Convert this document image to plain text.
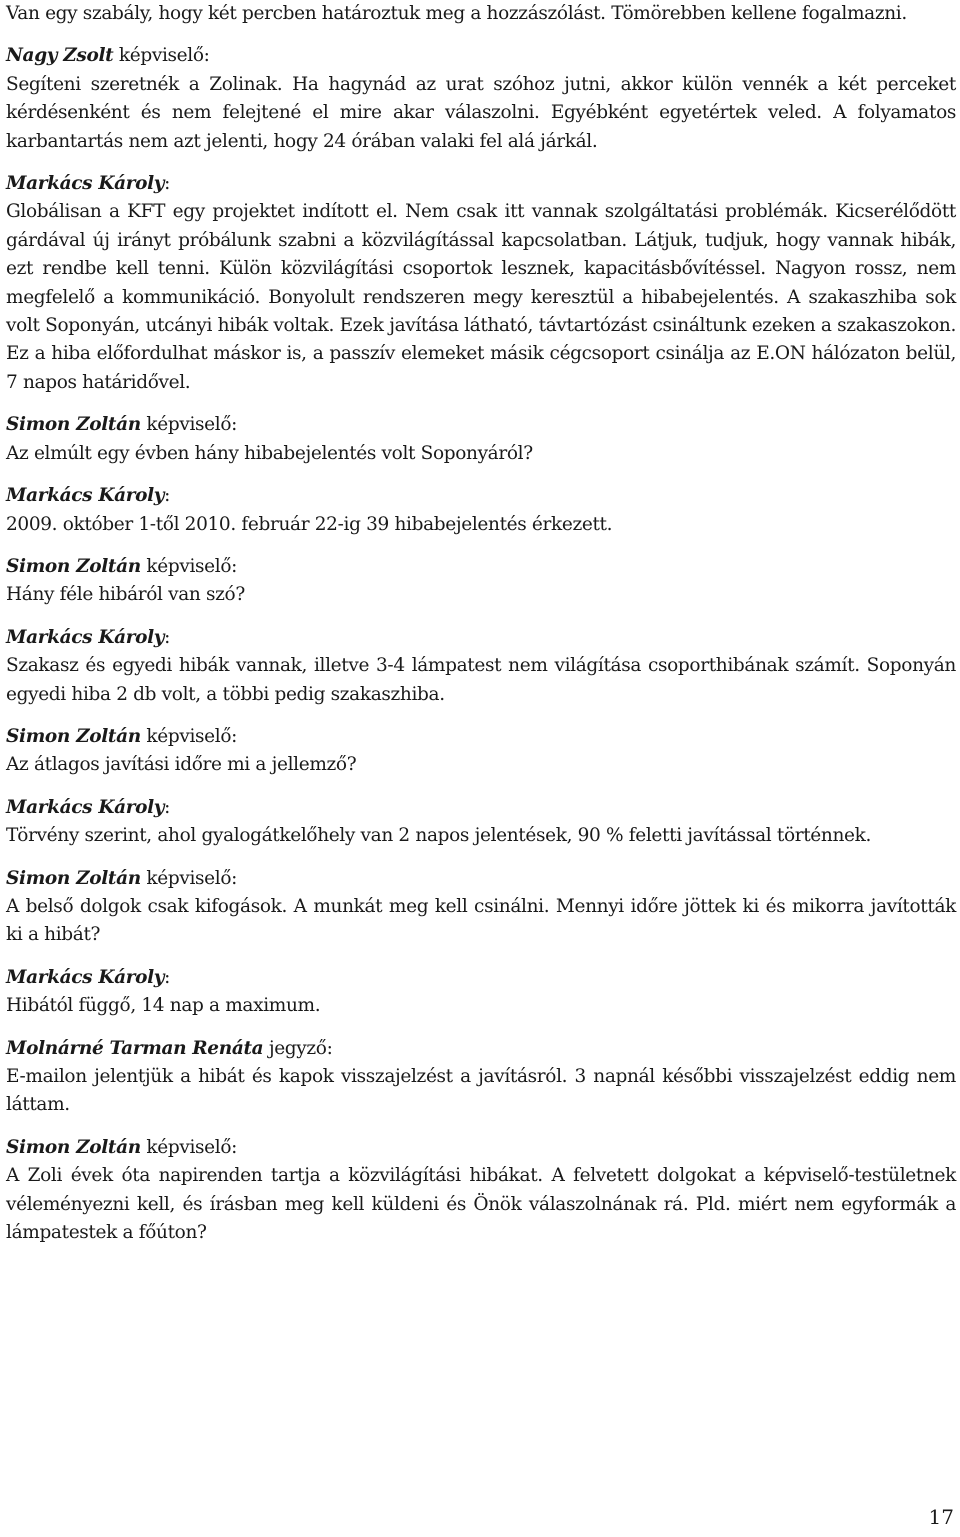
Van egy szabály, hogy két percben határoztuk meg a hozzászólást. Tömörebben kellene fogalmazni.
Nagy Zsolt képviselő:
Segíteni szeretnék a Zolinak. Ha hagynád az urat szóhoz jutni, akkor külön vennék a két perceket kérdésenként és nem felejtené el mire akar válaszolni. Egyébként egyetértek veled. A folyamatos karbantartás nem azt jelenti, hogy 24 órában valaki fel alá járkál.
Markács Károly:
Globálisan a KFT egy projektet indított el. Nem csak itt vannak szolgáltatási problémák. Kicserélődött gárdával új irányt próbálunk szabni a közvilágítással kapcsolatban. Látjuk, tudjuk, hogy vannak hibák, ezt rendbe kell tenni. Külön közvilágítási csoportok lesznek, kapacitásbővítéssel. Nagyon rossz, nem megfelelő a kommunikáció. Bonyolult rendszeren megy keresztül a hibabejelentés. A szakaszhiba sok volt Soponyán, utcányi hibák voltak. Ezek javítása látható, távtartózást csináltunk ezeken a szakaszokon. Ez a hiba előfordulhat máskor is, a passzív elemeket másik cégcsoport csinálja az E.ON hálózaton belül, 7 napos határidővel.
Simon Zoltán képviselő:
Az elmúlt egy évben hány hibabejelentés volt Soponyáról?
Markács Károly:
2009. október 1-től 2010. február 22-ig 39 hibabejelentés érkezett.
Simon Zoltán képviselő:
Hány féle hibáról van szó?
Markács Károly:
Szakasz és egyedi hibák vannak, illetve 3-4 lámpatest nem világítása csoporthibának számít. Soponyán egyedi hiba 2 db volt, a többi pedig szakaszhiba.
Simon Zoltán képviselő:
Az átlagos javítási időre mi a jellemző?
Markács Károly:
Törvény szerint, ahol gyalogátkelőhely van 2 napos jelentések, 90 % feletti javítással történnek.
Simon Zoltán képviselő:
A belső dolgok csak kifogások. A munkát meg kell csinálni. Mennyi időre jöttek ki és mikorra javították ki a hibát?
Markács Károly:
Hibától függő, 14 nap a maximum.
Molnárné Tarman Renáta jegyző:
E-mailon jelentjük a hibát és kapok visszajelzést a javításról. 3 napnál későbbi visszajelzést eddig nem láttam.
Simon Zoltán képviselő:
A Zoli évek óta napirenden tartja a közvilágítási hibákat. A felvetett dolgokat a képviselő-testületnek véleményezni kell, és írásban meg kell küldeni és Önök válaszolnának rá. Pld. miért nem egyformák a lámpatestek a főúton?
17
